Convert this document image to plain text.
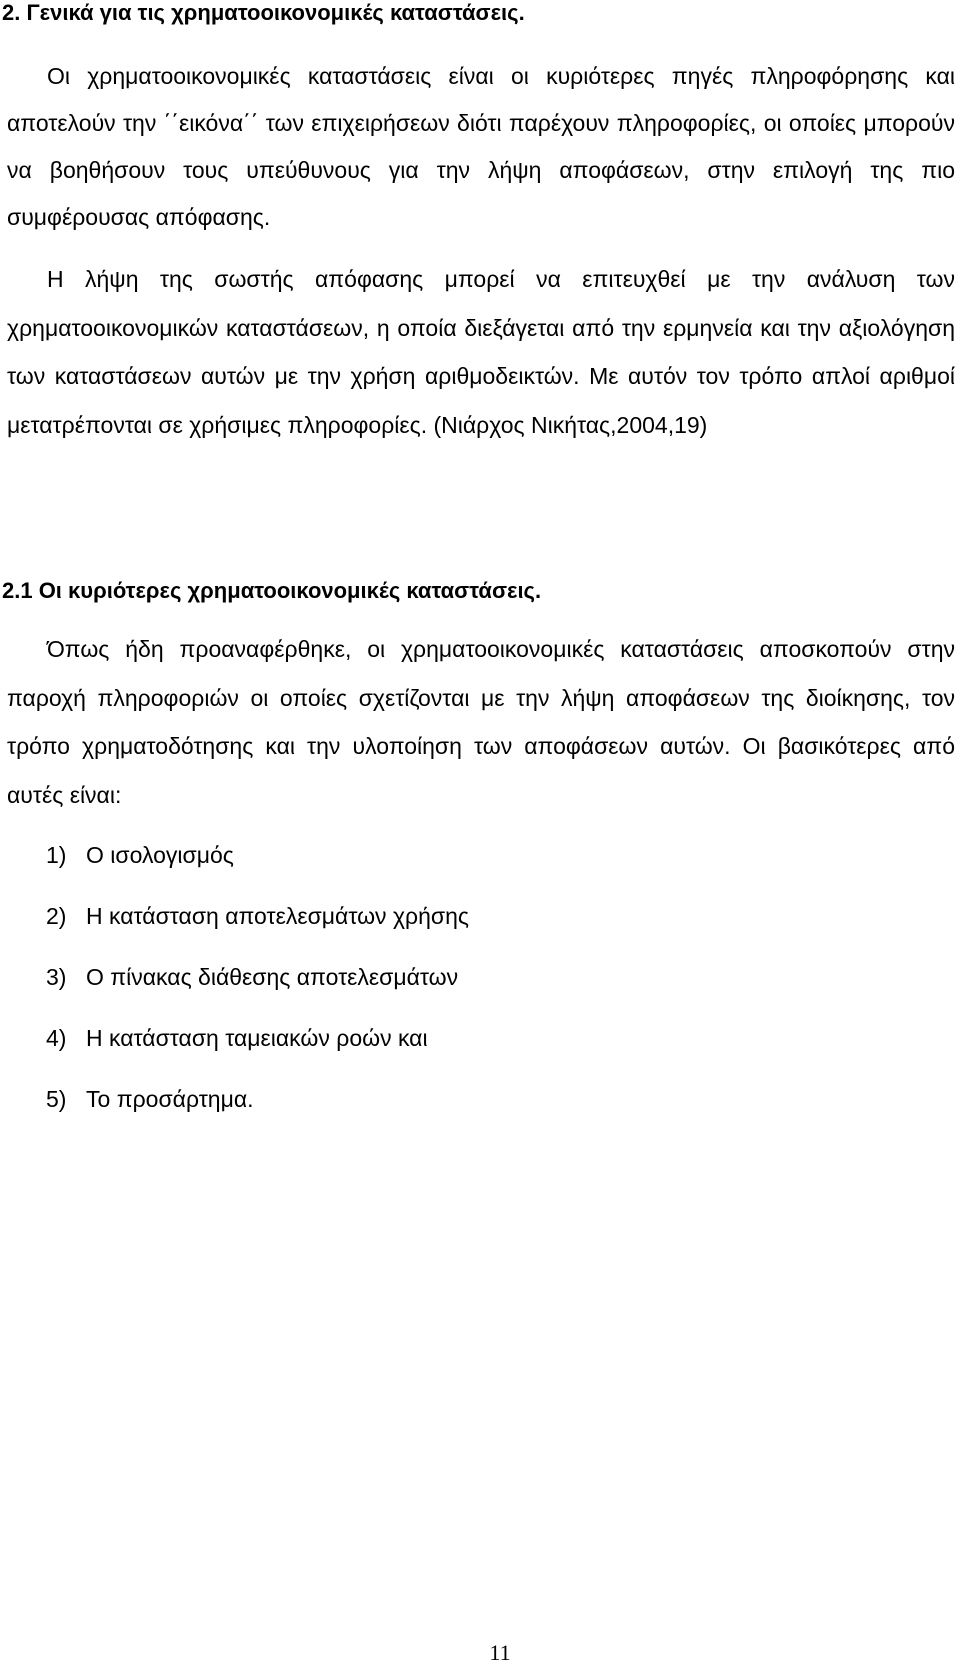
2. Γενικά για τις χρηματοοικονομικές καταστάσεις.

Οι χρηματοοικονομικές καταστάσεις είναι οι κυριότερες πηγές πληροφόρησης και αποτελούν την ΄΄εικόνα΄΄ των επιχειρήσεων διότι παρέχουν πληροφορίες, οι οποίες μπορούν να βοηθήσουν τους υπεύθυνους για την λήψη αποφάσεων, στην επιλογή της πιο συμφέρουσας απόφασης.

Η λήψη της σωστής απόφασης μπορεί να επιτευχθεί με την ανάλυση των χρηματοοικονομικών καταστάσεων, η οποία διεξάγεται από την ερμηνεία και την αξιολόγηση των καταστάσεων αυτών με την χρήση αριθμοδεικτών. Με αυτόν τον τρόπο απλοί αριθμοί μετατρέπονται σε χρήσιμες πληροφορίες. (Νιάρχος Νικήτας,2004,19)

2.1 Οι κυριότερες χρηματοοικονομικές καταστάσεις.

Όπως ήδη προαναφέρθηκε, οι χρηματοοικονομικές καταστάσεις αποσκοπούν στην παροχή πληροφοριών οι οποίες σχετίζονται με την λήψη αποφάσεων της διοίκησης, τον τρόπο χρηματοδότησης και την υλοποίηση των αποφάσεων αυτών. Οι βασικότερες από αυτές είναι:

1) Ο ισολογισμός
2) Η κατάσταση αποτελεσμάτων χρήσης
3) Ο πίνακας διάθεσης αποτελεσμάτων
4) Η κατάσταση ταμειακών ροών και
5) Το προσάρτημα.
11
